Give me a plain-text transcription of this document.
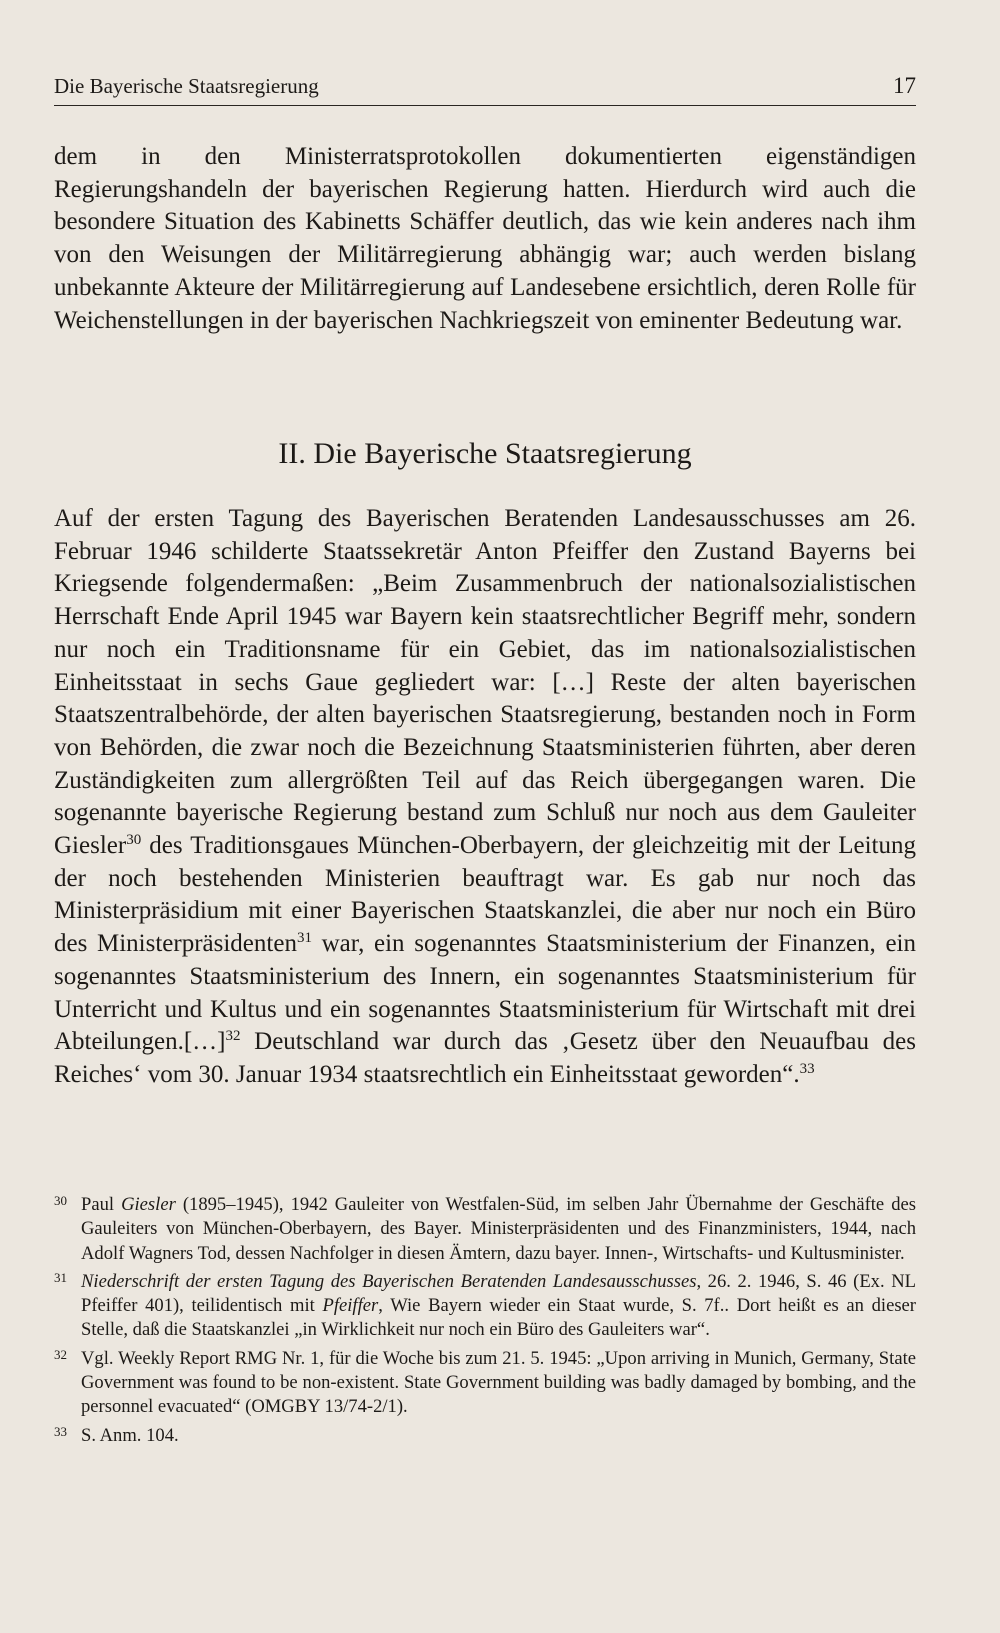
Die Bayerische Staatsregierung	17

dem in den Ministerratsprotokollen dokumentierten eigenständigen Regierungshandeln der bayerischen Regierung hatten. Hierdurch wird auch die besondere Situation des Kabinetts Schäffer deutlich, das wie kein anderes nach ihm von den Weisungen der Militärregierung abhängig war; auch werden bislang unbekannte Akteure der Militärregierung auf Landesebene ersichtlich, deren Rolle für Weichenstellungen in der bayerischen Nachkriegszeit von eminenter Bedeutung war.

II. Die Bayerische Staatsregierung

Auf der ersten Tagung des Bayerischen Beratenden Landesausschusses am 26. Februar 1946 schilderte Staatssekretär Anton Pfeiffer den Zustand Bayerns bei Kriegsende folgendermaßen: „Beim Zusammenbruch der nationalsozialistischen Herrschaft Ende April 1945 war Bayern kein staatsrechtlicher Begriff mehr, sondern nur noch ein Traditionsname für ein Gebiet, das im nationalsozialistischen Einheitsstaat in sechs Gaue gegliedert war: […] Reste der alten bayerischen Staatszentralbehörde, der alten bayerischen Staatsregierung, bestanden noch in Form von Behörden, die zwar noch die Bezeichnung Staatsministerien führten, aber deren Zuständigkeiten zum allergrößten Teil auf das Reich übergegangen waren. Die sogenannte bayerische Regierung bestand zum Schluß nur noch aus dem Gauleiter Giesler$^{30}$ des Traditionsgaues München-Oberbayern, der gleichzeitig mit der Leitung der noch bestehenden Ministerien beauftragt war. Es gab nur noch das Ministerpräsidium mit einer Bayerischen Staatskanzlei, die aber nur noch ein Büro des Ministerpräsidenten$^{31}$ war, ein sogenanntes Staatsministerium der Finanzen, ein sogenanntes Staatsministerium des Innern, ein sogenanntes Staatsministerium für Unterricht und Kultus und ein sogenanntes Staatsministerium für Wirtschaft mit drei Abteilungen.[…]$^{32}$ Deutschland war durch das ‚Gesetz über den Neuaufbau des Reiches‘ vom 30. Januar 1934 staatsrechtlich ein Einheitsstaat geworden“.$^{33}$

30 Paul Giesler (1895–1945), 1942 Gauleiter von Westfalen-Süd, im selben Jahr Übernahme der Geschäfte des Gauleiters von München-Oberbayern, des Bayer. Ministerpräsidenten und des Finanzministers, 1944, nach Adolf Wagners Tod, dessen Nachfolger in diesen Ämtern, dazu bayer. Innen-, Wirtschafts- und Kultusminister.
31 Niederschrift der ersten Tagung des Bayerischen Beratenden Landesausschusses, 26. 2. 1946, S. 46 (Ex. NL Pfeiffer 401), teilidentisch mit Pfeiffer, Wie Bayern wieder ein Staat wurde, S. 7f.. Dort heißt es an dieser Stelle, daß die Staatskanzlei „in Wirklichkeit nur noch ein Büro des Gauleiters war“.
32 Vgl. Weekly Report RMG Nr. 1, für die Woche bis zum 21. 5. 1945: „Upon arriving in Munich, Germany, State Government was found to be non-existent. State Government building was badly damaged by bombing, and the personnel evacuated“ (OMGBY 13/74-2/1).
33 S. Anm. 104.
